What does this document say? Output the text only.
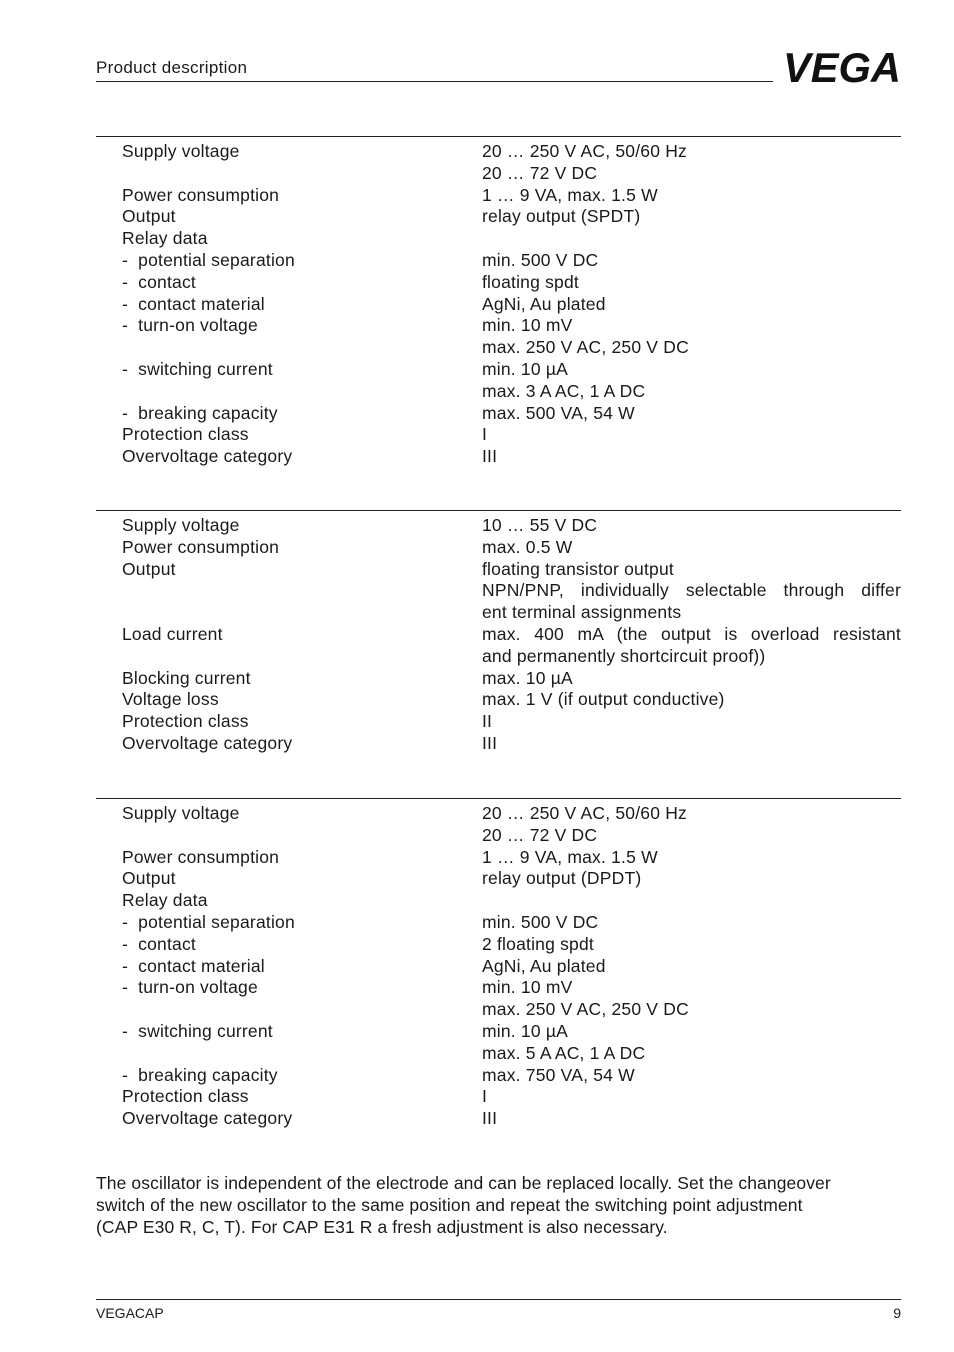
Product description	VEGA
Supply voltage	20 … 250 V AC, 50/60 Hz
20 … 72 V DC
Power consumption	1 … 9 VA, max. 1.5 W
Output	relay output (SPDT)
Relay data

-  potential separation	min. 500 V DC
-  contact	floating spdt
-  contact material	AgNi, Au plated
-  turn-on voltage	min. 10 mV
max. 250 V AC, 250 V DC
-  switching current	min. 10 µA
max. 3 A AC, 1 A DC
-  breaking capacity	max. 500 VA, 54 W
Protection class	I
Overvoltage category	III
Supply voltage	10 … 55 V DC
Power consumption	max. 0.5 W
Output	floating transistor output
NPN/PNP, individually selectable through differ
ent terminal assignments
Load current	max. 400 mA (the output is overload resistant
and permanently shortcircuit proof))
Blocking current	max. 10 µA
Voltage loss	max. 1 V (if output conductive)
Protection class	II
Overvoltage category	III
Supply voltage	20 … 250 V AC, 50/60 Hz
20 … 72 V DC
Power consumption	1 … 9 VA, max. 1.5 W
Output	relay output (DPDT)
Relay data

-  potential separation	min. 500 V DC
-  contact	2 floating spdt
-  contact material	AgNi, Au plated
-  turn-on voltage	min. 10 mV
max. 250 V AC, 250 V DC
-  switching current	min. 10 µA
max. 5 A AC, 1 A DC
-  breaking capacity	max. 750 VA, 54 W
Protection class	I
Overvoltage category	III
The oscillator is independent of the electrode and can be replaced locally. Set the changeover
switch of the new oscillator to the same position and repeat the switching point adjustment
(CAP E30 R, C, T). For CAP E31 R a fresh adjustment is also necessary.
VEGACAP	9
